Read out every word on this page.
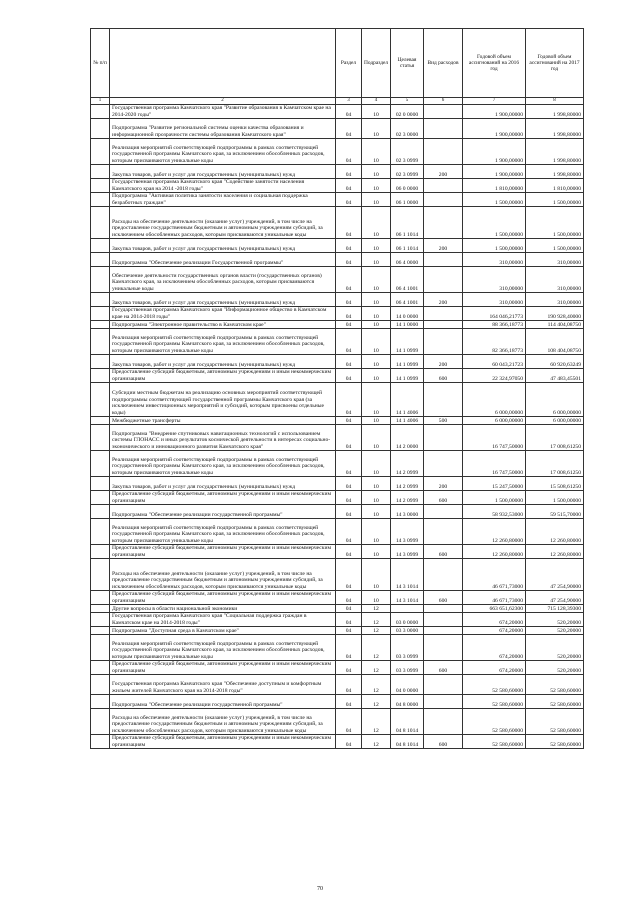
№ п/п		Раздел	Подраздел	Целевая статья	Вид расходов	Годовой объем ассигнований на 2016 год	Годовой объем ассигнований на 2017 год
1	2	3	4	5	6	7	8
	Государственная программа Камчатского края "Развитие образования в Камчатском крае на 2014-2020 годы"	04	10	02 0 0000		1 900,00000	1 998,80000
	Подпрограмма "Развитие региональной системы оценки качества образования и информационной прозрачности системы образования Камчатского края"	04	10	02 3 0000		1 900,00000	1 998,80000
	Реализация мероприятий соответствующей подпрограммы в рамках соответствующей государственной программы Камчатского края, за исключением обособленных расходов, которым присваиваются уникальные коды	04	10	02 3 0999		1 900,00000	1 998,80000
	Закупка товаров, работ и услуг для государственных (муниципальных) нужд	04	10	02 3 0999	200	1 900,00000	1 998,80000
	Государственная программа Камчатского края "Содействие занятости населения Камчатского края на 2014 -2018 годы"	04	10	06 0 0000		1 810,00000	1 810,00000
	Подпрограмма "Активная политика занятости населения и социальная поддержка безработных граждан"	04	10	06 1 0000		1 500,00000	1 500,00000
	Расходы на обеспечение деятельности (оказание услуг) учреждений, в том числе на предоставление государственным бюджетным и автономным учреждениям субсидий, за исключением обособленных расходов, которым присваиваются уникальные коды	04	10	06 1 1014		1 500,00000	1 500,00000
	Закупка товаров, работ и услуг для государственных (муниципальных) нужд	04	10	06 1 1014	200	1 500,00000	1 500,00000
	Подпрограмма "Обеспечение реализации Государственной программы"	04	10	06 4 0000		310,00000	310,00000
	Обеспечение деятельности государственных органов власти (государственных органов) Камчатского края, за исключением обособленных расходов, которым присваиваются уникальные коды	04	10	06 4 1001		310,00000	310,00000
	Закупка товаров, работ и услуг для государственных (муниципальных) нужд	04	10	06 4 1001	200	310,00000	310,00000
	Государственная программа Камчатского края "Информационное общество в Камчатском крае на 2014-2018 годы"	04	10	14 0 0000		164 046,21773	190 928,40000
	Подпрограмма "Электронное правительство в Камчатском крае"	04	10	14 1 0000		88 366,18773	114 404,08750
	Реализация мероприятий соответствующей подпрограммы в рамках соответствующей государственной программы Камчатского края, за исключением обособленных расходов, которым присваиваются уникальные коды	04	10	14 1 0999		82 366,18773	108 404,08750
	Закупка товаров, работ и услуг для государственных (муниципальных) нужд	04	10	14 1 0999	200	60 043,21723	60 920,63249
	Предоставление субсидий бюджетным, автономным учреждениям и иным некоммерческим организациям	04	10	14 1 0999	600	22 324,97050	47 483,45501
	Субсидии местным бюджетам на реализацию основных мероприятий соответствующей подпрограммы соответствующей государственной программы Камчатского края (за исключением инвестиционных мероприятий и субсидий, которым присвоены отдельные коды)	04	10	14 1 4006		6 000,00000	6 000,00000
	Межбюджетные трансферты	04	10	14 1 4006	500	6 000,00000	6 000,00000
	Подпрограмма "Внедрение спутниковых навигационных технологий с использованием системы ГЛОНАСС и иных результатов космической деятельности в интересах социально-экономического и инновационного развития Камчатского края"	04	10	14 2 0000		16 747,50000	17 008,61250
	Реализация мероприятий соответствующей подпрограммы в рамках соответствующей государственной программы Камчатского края, за исключением обособленных расходов, которым присваиваются уникальные коды	04	10	14 2 0999		16 747,50000	17 008,61250
	Закупка товаров, работ и услуг для государственных (муниципальных) нужд	04	10	14 2 0999	200	15 247,50000	15 508,61250
	Предоставление субсидий бюджетным, автономным учреждениям и иным некоммерческим организациям	04	10	14 2 0999	600	1 500,00000	1 500,00000
	Подпрограмма "Обеспечение реализации государственной программы"	04	10	14 3 0000		58 932,53000	59 515,70000
	Реализация мероприятий соответствующей подпрограммы в рамках соответствующей государственной программы Камчатского края, за исключением обособленных расходов, которым присваиваются уникальные коды	04	10	14 3 0999		12 260,80000	12 260,80000
	Предоставление субсидий бюджетным, автономным учреждениям и иным некоммерческим организациям	04	10	14 3 0999	600	12 260,80000	12 260,80000
	Расходы на обеспечение деятельности (оказание услуг) учреждений, в том числе на предоставление государственным бюджетным и автономным учреждениям субсидий, за исключением обособленных расходов, которым присваиваются уникальные коды	04	10	14 3 1014		46 671,73000	47 254,90000
	Предоставление субсидий бюджетным, автономным учреждениям и иным некоммерческим организациям	04	10	14 3 1014	600	46 671,73000	47 254,90000
	Другие вопросы в области национальной экономики	04	12			663 651,62300	715 128,39300
	Государственная программа Камчатского края "Социальная поддержка граждан в Камчатском крае на 2014-2018 годы"	04	12	03 0 0000		674,20000	520,20000
	Подпрограмма "Доступная среда в Камчатском крае"	04	12	03 3 0000		674,20000	520,20000
	Реализация мероприятий соответствующей подпрограммы в рамках соответствующей государственной программы Камчатского края, за исключением обособленных расходов, которым присваиваются уникальные коды	04	12	03 3 0999		674,20000	520,20000
	Предоставление субсидий бюджетным, автономным учреждениям и иным некоммерческим организациям	04	12	03 3 0999	600	674,20000	520,20000
	Государственная программа Камчатского края "Обеспечение доступным и комфортным жильем жителей Камчатского края на 2014-2018 годы"	04	12	04 0 0000		52 580,60000	52 580,60000
	Подпрограмма "Обеспечение реализации государственной программы"	04	12	04 8 0000		52 580,60000	52 580,60000
	Расходы на обеспечение деятельности (оказание услуг) учреждений, в том числе на предоставление государственным бюджетным и автономным учреждениям субсидий, за исключением обособленных расходов, которым присваиваются уникальные коды	04	12	04 8 1014		52 580,60000	52 580,60000
	Предоставление субсидий бюджетным, автономным учреждениям и иным некоммерческим организациям	04	12	04 8 1014	600	52 580,60000	52 580,60000
70
